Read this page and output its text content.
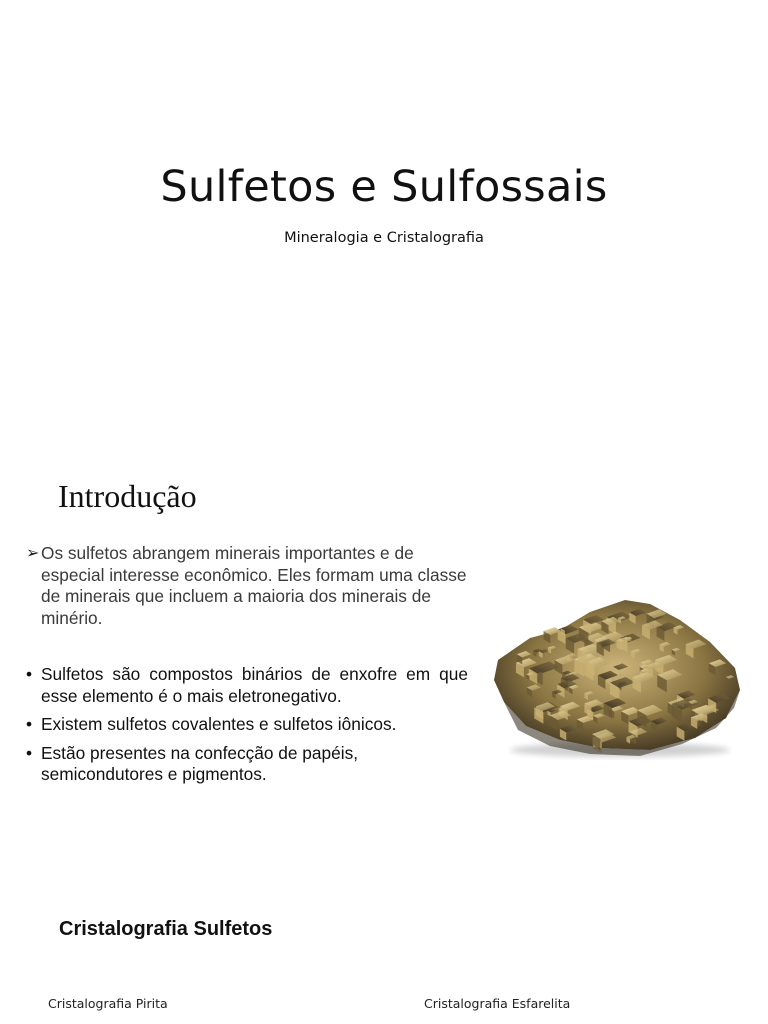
Sulfetos e Sulfossais
Mineralogia e Cristalografia
Introdução
➢ Os sulfetos abrangem minerais importantes e de especial interesse econômico. Eles formam uma classe de minerais que incluem a maioria dos minerais de minério.
• Sulfetos são compostos binários de enxofre em que esse elemento é o mais eletronegativo.
• Existem sulfetos covalentes e sulfetos iônicos.
• Estão presentes na confecção de papéis, semicondutores e pigmentos.
Cristalografia Sulfetos
Cristalografia Pirita	Cristalografia Esfarelita
